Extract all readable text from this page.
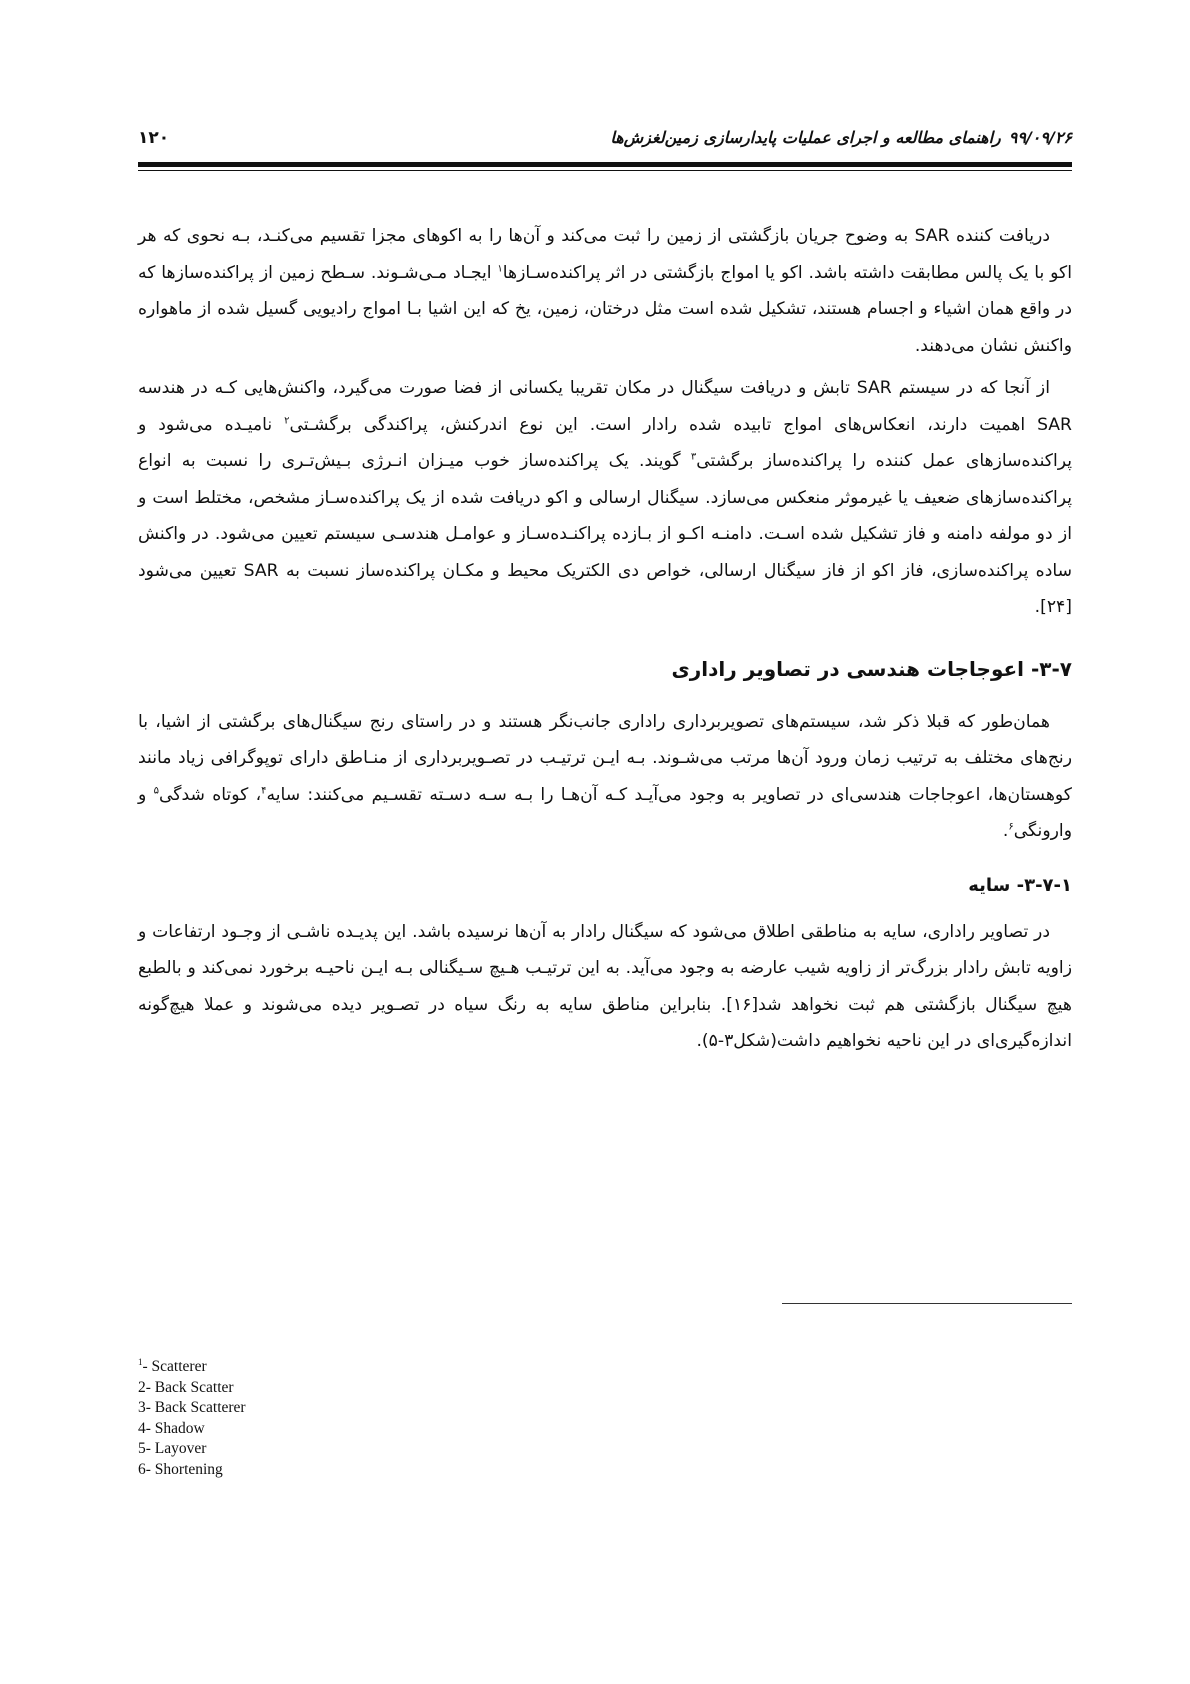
۱۲۰	۹۹/۰۹/۲۶راهنمای مطالعه و اجرای عملیات پایدارسازی زمین‌لغزش‌ها

دریافت کننده SAR به وضوح جریان بازگشتی از زمین را ثبت می‌کند و آن‌ها را به اکوهای مجزا تقسیم می‌کنـد، بـه نحوی که هر اکو با یک پالس مطابقت داشته باشد. اکو یا امواج بازگشتی در اثر پراکنده‌سـازها$^۱$ ایجـاد مـی‌شـوند. سـطح زمین از پراکنده‌سازها که در واقع همان اشیاء و اجسام هستند، تشکیل شده است مثل درختان، زمین، یخ که این اشیا بـا امواج رادیویی گسیل شده از ماهواره واکنش نشان می‌دهند.

از آنجا که در سیستم SAR تابش و دریافت سیگنال در مکان تقریبا یکسانی از فضا صورت می‌گیرد، واکنش‌هایی کـه در هندسه SAR اهمیت دارند، انعکاس‌های امواج تابیده شده رادار است. این نوع اندرکنش، پراکندگی برگشـتی$^۲$ نامیـده می‌شود و پراکنده‌سازهای عمل کننده را پراکنده‌ساز برگشتی$^۳$ گویند. یک پراکنده‌ساز خوب میـزان انـرژی بـیش‌تـری را نسبت به انواع پراکنده‌سازهای ضعیف یا غیرموثر منعکس می‌سازد. سیگنال ارسالی و اکو دریافت شده از یک پراکنده‌سـاز مشخص، مختلط است و از دو مولفه دامنه و فاز تشکیل شده اسـت. دامنـه اکـو از بـازده پراکنـده‌سـاز و عوامـل هندسـی سیستم تعیین می‌شود. در واکنش ساده پراکنده‌سازی، فاز اکو از فاز سیگنال ارسالی، خواص دی الکتریک محیط و مکـان پراکنده‌ساز نسبت به SAR تعیین می‌شود [۲۴].

۳-۷- اعوجاجات هندسی در تصاویر راداری

همان‌طور که قبلا ذکر شد، سیستم‌های تصویربرداری راداری جانب‌نگر هستند و در راستای رنج سیگنال‌های برگشتی از اشیا، با رنج‌های مختلف به ترتیب زمان ورود آن‌ها مرتب می‌شـوند. بـه ایـن ترتیـب در تصـویربرداری از منـاطق دارای توپوگرافی زیاد مانند کوهستان‌ها، اعوجاجات هندسی‌ای در تصاویر به وجود می‌آیـد کـه آن‌هـا را بـه سـه دسـته تقسـیم می‌کنند: سایه$^۴$، کوتاه شدگی$^۵$ و وارونگی$^۶$.

۳-۷-۱- سایه

در تصاویر راداری، سایه به مناطقی اطلاق می‌شود که سیگنال رادار به آن‌ها نرسیده باشد. این پدیـده ناشـی از وجـود ارتفاعات و زاویه تابش رادار بزرگ‌تر از زاویه شیب عارضه به وجود می‌آید. به این ترتیـب هـیچ سـیگنالی بـه ایـن ناحیـه برخورد نمی‌کند و بالطبع هیچ سیگنال بازگشتی هم ثبت نخواهد شد[۱۶]. بنابراین مناطق سایه به رنگ سیاه در تصـویر دیده می‌شوند و عملا هیچ‌گونه اندازه‌گیری‌ای در این ناحیه نخواهیم داشت(شکل۳-۵).

$^1$- Scatterer
2- Back Scatter
3- Back Scatterer
4- Shadow
5- Layover
6- Shortening
